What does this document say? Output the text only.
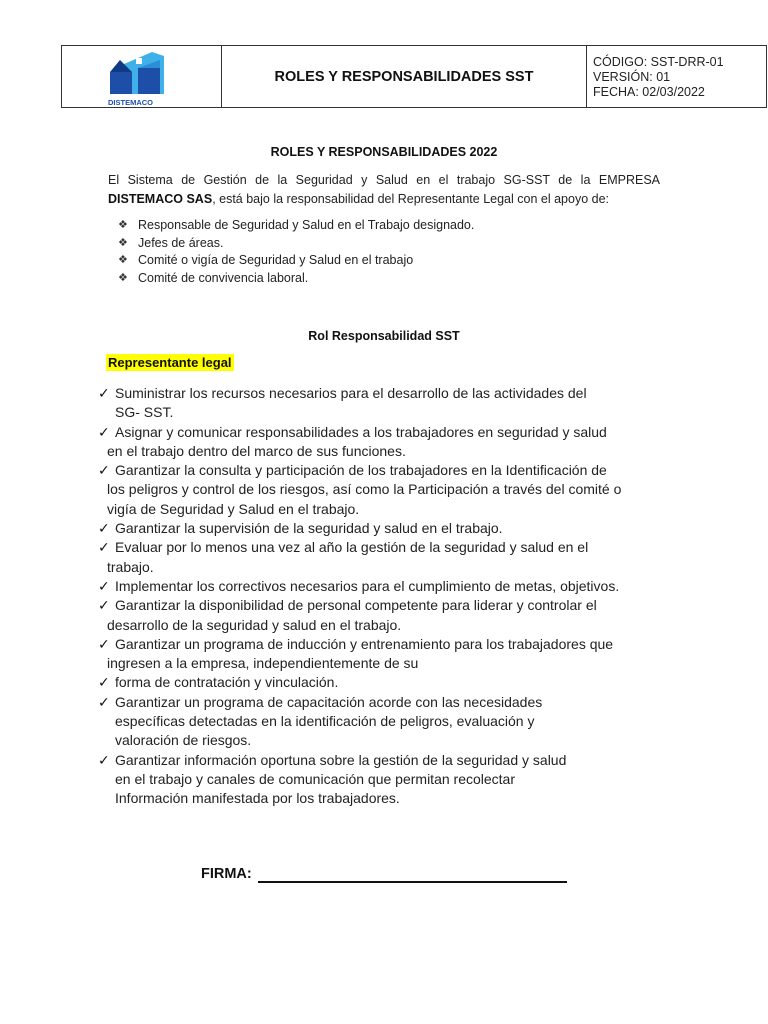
DISTEMACO
ROLES Y RESPONSABILIDADES SST
CÓDIGO: SST-DRR-01
VERSIÓN: 01
FECHA: 02/03/2022
ROLES Y RESPONSABILIDADES 2022
El Sistema de Gestión de la Seguridad y Salud en el trabajo SG-SST de la EMPRESA DISTEMACO SAS, está bajo la responsabilidad del Representante Legal con el apoyo de:
❖ Responsable de Seguridad y Salud en el Trabajo designado.
❖ Jefes de áreas.
❖ Comité o vigía de Seguridad y Salud en el trabajo
❖ Comité de convivencia laboral.
Rol Responsabilidad SST
Representante legal
✓ Suministrar los recursos necesarios para el desarrollo de las actividades del
SG- SST.
✓ Asignar y comunicar responsabilidades a los trabajadores en seguridad y salud
en el trabajo dentro del marco de sus funciones.
✓ Garantizar la consulta y participación de los trabajadores en la Identificación de
los peligros y control de los riesgos, así como la Participación a través del comité o
vigía de Seguridad y Salud en el trabajo.
✓ Garantizar la supervisión de la seguridad y salud en el trabajo.
✓ Evaluar por lo menos una vez al año la gestión de la seguridad y salud en el
trabajo.
✓ Implementar los correctivos necesarios para el cumplimiento de metas, objetivos.
✓ Garantizar la disponibilidad de personal competente para liderar y controlar el
desarrollo de la seguridad y salud en el trabajo.
✓ Garantizar un programa de inducción y entrenamiento para los trabajadores que
ingresen a la empresa, independientemente de su
✓ forma de contratación y vinculación.
✓ Garantizar un programa de capacitación acorde con las necesidades
específicas detectadas en la identificación de peligros, evaluación y
valoración de riesgos.
✓ Garantizar información oportuna sobre la gestión de la seguridad y salud
en el trabajo y canales de comunicación que permitan recolectar
Información manifestada por los trabajadores.
FIRMA:
